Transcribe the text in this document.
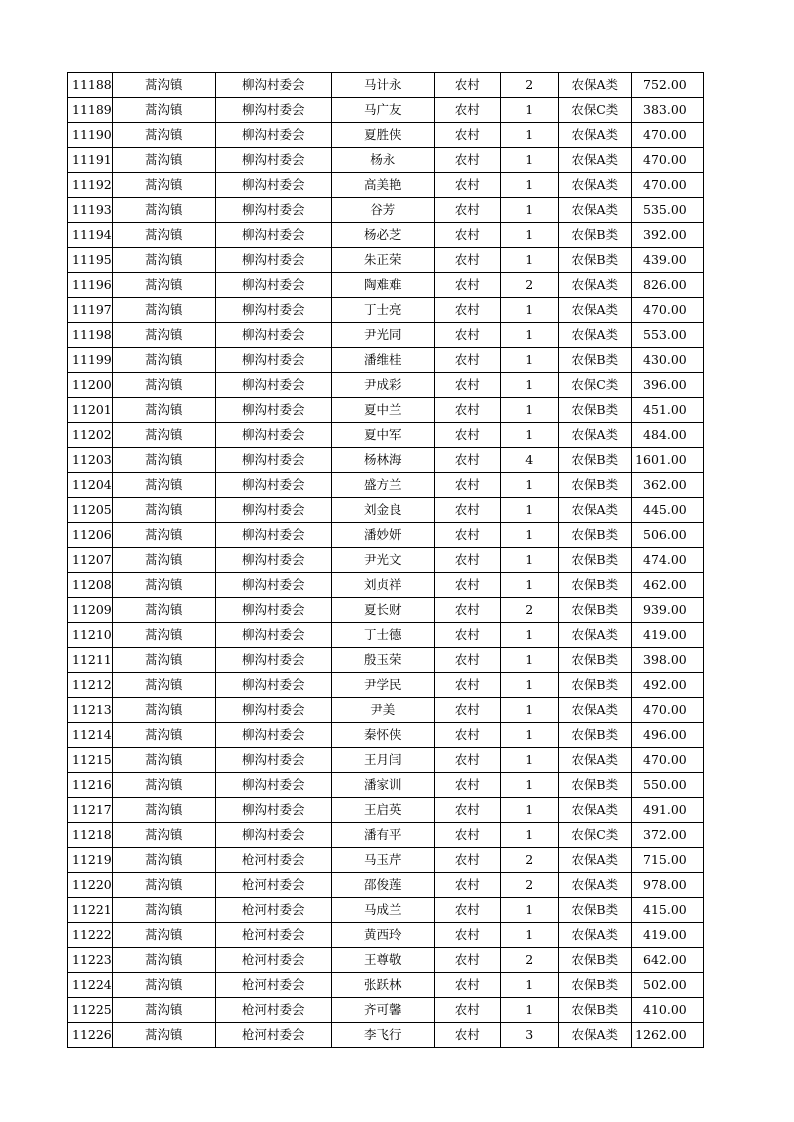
11188	蒿沟镇	柳沟村委会	马计永	农村	2	农保A类	752.00
11189	蒿沟镇	柳沟村委会	马广友	农村	1	农保C类	383.00
11190	蒿沟镇	柳沟村委会	夏胜侠	农村	1	农保A类	470.00
11191	蒿沟镇	柳沟村委会	杨永	农村	1	农保A类	470.00
11192	蒿沟镇	柳沟村委会	高美艳	农村	1	农保A类	470.00
11193	蒿沟镇	柳沟村委会	谷芳	农村	1	农保A类	535.00
11194	蒿沟镇	柳沟村委会	杨必芝	农村	1	农保B类	392.00
11195	蒿沟镇	柳沟村委会	朱正荣	农村	1	农保B类	439.00
11196	蒿沟镇	柳沟村委会	陶难难	农村	2	农保A类	826.00
11197	蒿沟镇	柳沟村委会	丁士亮	农村	1	农保A类	470.00
11198	蒿沟镇	柳沟村委会	尹光同	农村	1	农保A类	553.00
11199	蒿沟镇	柳沟村委会	潘维桂	农村	1	农保B类	430.00
11200	蒿沟镇	柳沟村委会	尹成彩	农村	1	农保C类	396.00
11201	蒿沟镇	柳沟村委会	夏中兰	农村	1	农保B类	451.00
11202	蒿沟镇	柳沟村委会	夏中军	农村	1	农保A类	484.00
11203	蒿沟镇	柳沟村委会	杨林海	农村	4	农保B类	1601.00
11204	蒿沟镇	柳沟村委会	盛方兰	农村	1	农保B类	362.00
11205	蒿沟镇	柳沟村委会	刘金良	农村	1	农保A类	445.00
11206	蒿沟镇	柳沟村委会	潘妙妍	农村	1	农保B类	506.00
11207	蒿沟镇	柳沟村委会	尹光文	农村	1	农保B类	474.00
11208	蒿沟镇	柳沟村委会	刘贞祥	农村	1	农保B类	462.00
11209	蒿沟镇	柳沟村委会	夏长财	农村	2	农保B类	939.00
11210	蒿沟镇	柳沟村委会	丁士德	农村	1	农保A类	419.00
11211	蒿沟镇	柳沟村委会	殷玉荣	农村	1	农保B类	398.00
11212	蒿沟镇	柳沟村委会	尹学民	农村	1	农保B类	492.00
11213	蒿沟镇	柳沟村委会	尹美	农村	1	农保A类	470.00
11214	蒿沟镇	柳沟村委会	秦怀侠	农村	1	农保B类	496.00
11215	蒿沟镇	柳沟村委会	王月闫	农村	1	农保A类	470.00
11216	蒿沟镇	柳沟村委会	潘家训	农村	1	农保B类	550.00
11217	蒿沟镇	柳沟村委会	王启英	农村	1	农保A类	491.00
11218	蒿沟镇	柳沟村委会	潘有平	农村	1	农保C类	372.00
11219	蒿沟镇	枪河村委会	马玉芹	农村	2	农保A类	715.00
11220	蒿沟镇	枪河村委会	邵俊莲	农村	2	农保A类	978.00
11221	蒿沟镇	枪河村委会	马成兰	农村	1	农保B类	415.00
11222	蒿沟镇	枪河村委会	黄西玲	农村	1	农保A类	419.00
11223	蒿沟镇	枪河村委会	王尊敬	农村	2	农保B类	642.00
11224	蒿沟镇	枪河村委会	张跃林	农村	1	农保B类	502.00
11225	蒿沟镇	枪河村委会	齐可馨	农村	1	农保B类	410.00
11226	蒿沟镇	枪河村委会	李飞行	农村	3	农保A类	1262.00
